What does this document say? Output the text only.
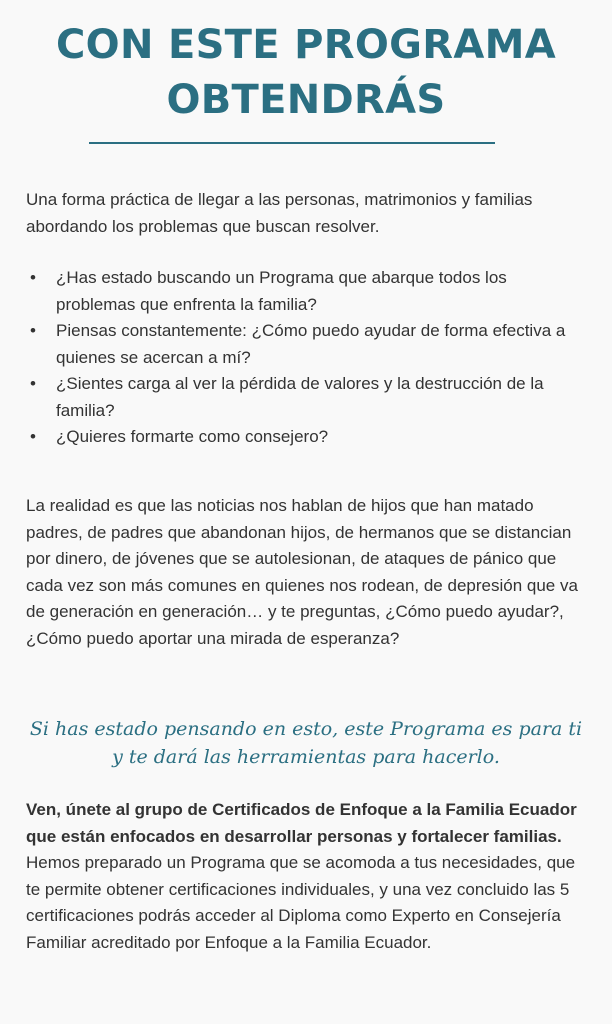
CON ESTE PROGRAMA
OBTENDRÁS

Una forma práctica de llegar a las personas, matrimonios y familias abordando los problemas que buscan resolver.

• ¿Has estado buscando un Programa que abarque todos los problemas que enfrenta la familia?
• Piensas constantemente: ¿Cómo puedo ayudar de forma efectiva a quienes se acercan a mí?
• ¿Sientes carga al ver la pérdida de valores y la destrucción de la familia?
• ¿Quieres formarte como consejero?

La realidad es que las noticias nos hablan de hijos que han matado padres, de padres que abandonan hijos, de hermanos que se distancian por dinero, de jóvenes que se autolesionan, de ataques de pánico que cada vez son más comunes en quienes nos rodean, de depresión que va de generación en generación… y te preguntas, ¿Cómo puedo ayudar?, ¿Cómo puedo aportar una mirada de esperanza?

Si has estado pensando en esto, este Programa es para ti y te dará las herramientas para hacerlo.

Ven, únete al grupo de Certificados de Enfoque a la Familia Ecuador que están enfocados en desarrollar personas y fortalecer familias.
Hemos preparado un Programa que se acomoda a tus necesidades, que te permite obtener certificaciones individuales, y una vez concluido las 5 certificaciones podrás acceder al Diploma como Experto en Consejería Familiar acreditado por Enfoque a la Familia Ecuador.
